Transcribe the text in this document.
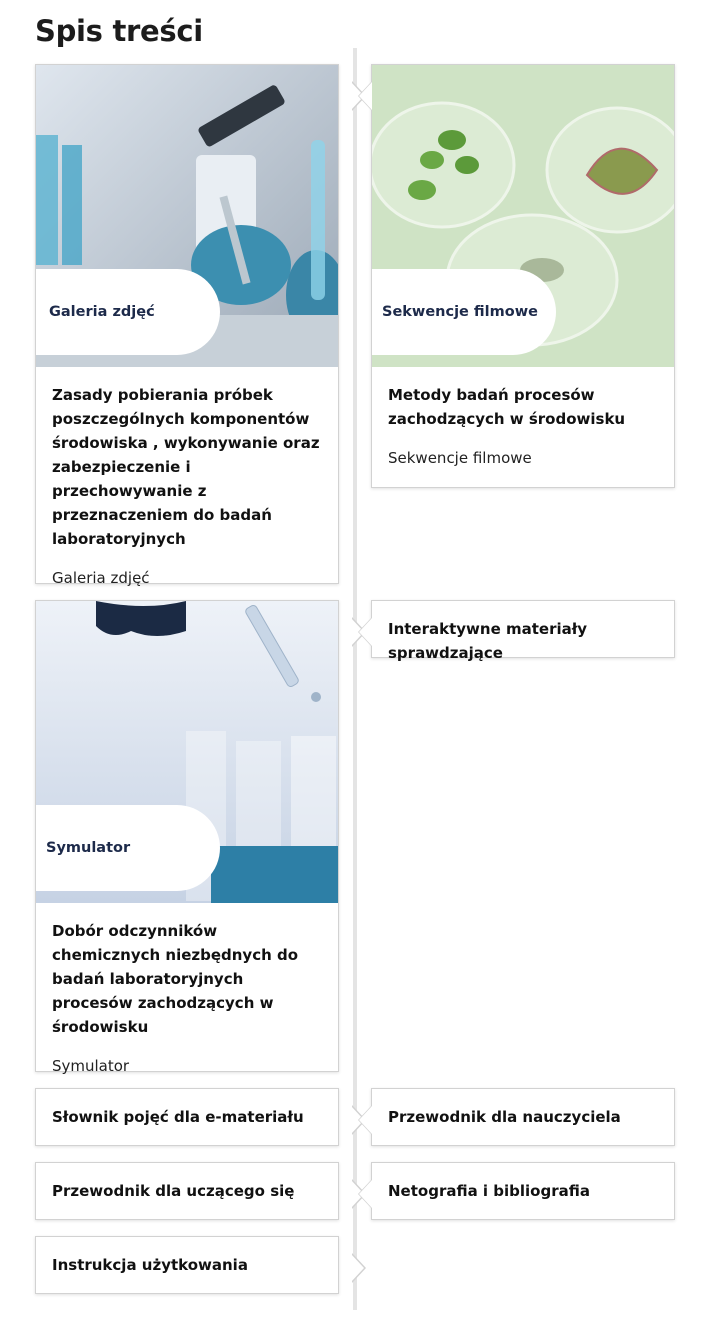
Spis treści
Galeria zdjęć
Zasady pobierania próbek poszczególnych komponentów środowiska , wykonywanie oraz zabezpieczenie i przechowywanie z przeznaczeniem do badań laboratoryjnych
Galeria zdjęć
Sekwencje filmowe
Metody badań procesów zachodzących w środowisku
Sekwencje filmowe
Symulator
Dobór odczynników chemicznych niezbędnych do badań laboratoryjnych procesów zachodzących w środowisku
Symulator
Interaktywne materiały sprawdzające
Słownik pojęć dla e-materiału	Przewodnik dla nauczyciela
Przewodnik dla uczącego się	Netografia i bibliografia
Instrukcja użytkowania
